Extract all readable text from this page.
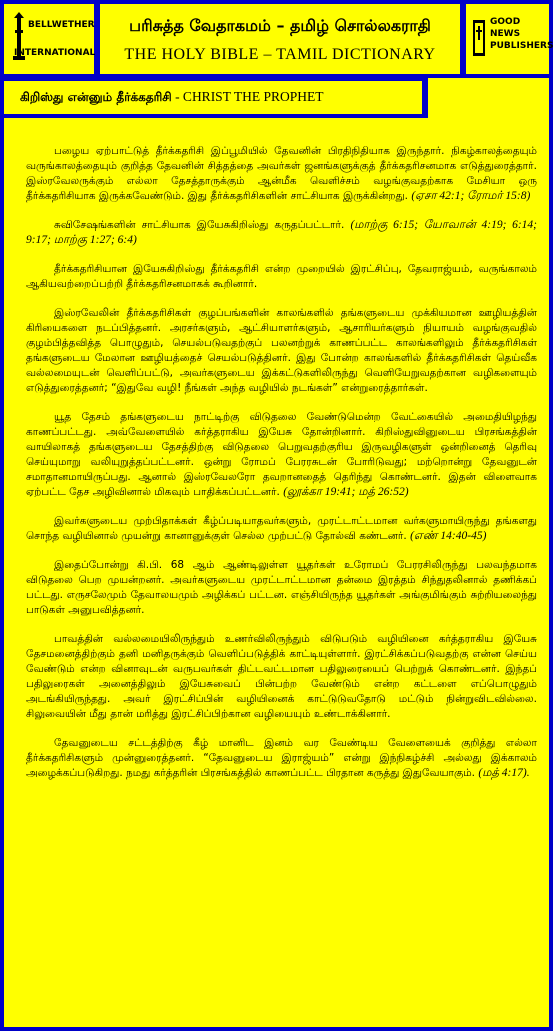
BELLWETHER
INTERNATIONAL
பரிசுத்த வேதாகமம் – தமிழ் சொல்லகராதி
THE HOLY BIBLE – TAMIL DICTIONARY
GOOD NEWS
PUBLISHERS
கிறிஸ்து என்னும் தீர்க்கதரிசி - CHRIST THE PROPHET

பழைய ஏற்பாட்டுத் தீர்க்கதரிசி இப்பூமியில் தேவனின் பிரதிநிதியாக இருந்தார். நிகழ்காலத்தையும் வருங்காலத்தையும் குறித்த தேவனின் சித்தத்தை அவர்கள் ஜனங்களுக்குத் தீர்க்கதரிசனமாக எடுத்துரைத்தார். இஸ்ரவேலருக்கும் எல்லா தேசத்தாருக்கும் ஆன்மீக வெளிச்சம் வழங்குவதற்காக மேசியா ஒரு தீர்க்கதரிசியாக இருக்கவேண்டும். இது தீர்க்கதரிசிகளின் சாட்சியாக இருக்கின்றது. (ஏசா 42:1; ரோமர் 15:8)

சுவிசேஷங்களின் சாட்சியாக இயேசுகிறிஸ்து கருதப்பட்டார். (மாற்கு 6:15; யோவான் 4:19; 6:14; 9:17; மாற்கு 1:27; 6:4)

தீர்க்கதரிசியான இயேசுகிறிஸ்து தீர்க்கதரிசி என்ற முறையில் இரட்சிப்பு, தேவராஜ்யம், வருங்காலம் ஆகியவற்றைப்பற்றி தீர்க்கதரிசனமாகக் கூறினார்.

இஸ்ரவேலின் தீர்க்கதரிசிகள் குழப்பங்களின் காலங்களில் தங்களுடைய முக்கியமான ஊழியத்தின் கிரியைகளை நடப்பித்தனர். அரசர்களும், ஆட்சியாளர்களும், ஆசாரியர்களும் நியாயம் வழங்குவதில் குழம்பித்தவித்த பொழுதும், செயல்படுவதற்குப் பலனற்றுக் காணப்பட்ட காலங்களிலும் தீர்க்கதரிசிகள் தங்களுடைய மேலான ஊழியத்தைச் செயல்படுத்தினர். இது போன்ற காலங்களில் தீர்க்கதரிசிகள் தெய்வீக வல்லமையுடன் வெளிப்பட்டு, அவர்களுடைய இக்கட்டுகளிலிருந்து வெளியேறுவதற்கான வழிகளையும் எடுத்துரைத்தனர்; “இதுவே வழி! நீங்கள் அந்த வழியில் நடங்கள்” என்றுரைத்தார்கள்.

யூத தேசம் தங்களுடைய நாட்டிற்கு விடுதலை வேண்டுமென்ற வேட்கையில் அமைதியிழந்து காணப்பட்டது. அவ்வேளையில் கர்த்தராகிய இயேசு தோன்றினார். கிறிஸ்துவினுடைய பிரசங்கத்தின் வாயிலாகத் தங்களுடைய தேசத்திற்கு விடுதலை பெறுவதற்குரிய இருவழிகளுள் ஒன்றினைத் தெரிவு செய்யுமாறு வலியுறுத்தப்பட்டனர். ஒன்று ரோமப் பேரரசுடன் போரிடுவது; மற்றொன்று தேவனுடன் சமாதானமாயிருப்பது. ஆனால் இஸ்ரவேலரோ தவறானதைத் தெரிந்து கொண்டனர். இதன் விளைவாக ஏற்பட்ட தேச அழிவினால் மிகவும் பாதிக்கப்பட்டனர். (லூக்கா 19:41; மத் 26:52)

இவர்களுடைய முற்பிதாக்கள் கீழ்ப்படியாதவர்களும், முரட்டாட்டமான வர்களுமாயிருந்து தங்களது சொந்த வழியினால் முயன்று கானானுக்குள் செல்ல முற்பட்டு தோல்வி கண்டனர். (எண் 14:40-45)

இதைப்போன்று கி.பி. 68 ஆம் ஆண்டிலுள்ள யூதர்கள் உரோமப் பேரரசிலிருந்து பலவந்தமாக விடுதலை பெற முயன்றனர். அவர்களுடைய முரட்டாட்டமான தன்மை இரத்தம் சிந்துதலினால் தணிக்கப் பட்டது. எருசலேமும் தேவாலயமும் அழிக்கப் பட்டன. எஞ்சியிருந்த யூதர்கள் அங்குமிங்கும் சுற்றியலைந்து பாடுகள் அனுபவித்தனர்.

பாவத்தின் வல்லமையிலிருந்தும் உணர்விலிருந்தும் விடுபடும் வழியினை கர்த்தராகிய இயேசு தேசமனைத்திற்கும் தனி மனிதருக்கும் வெளிப்படுத்திக் காட்டியுள்ளார். இரட்சிக்கப்படுவதற்கு என்ன செய்ய வேண்டும் என்ற வினாவுடன் வருபவர்கள் திட்டவட்டமான பதிலுரையைப் பெற்றுக் கொண்டனர். இந்தப் பதிலுரைகள் அனைத்திலும் இயேசுவைப் பின்பற்ற வேண்டும் என்ற கட்டளை எப்பொழுதும் அடங்கியிருந்தது. அவர் இரட்சிப்பின் வழியினைக் காட்டுடுவதோடு மட்டும் நின்றுவிடவில்லை. சிலுவையின் மீது தான் மரித்து இரட்சிப்பிற்கான வழியையும் உண்டாக்கினார்.

தேவனுடைய சட்டத்திற்கு கீழ் மானிட இனம் வர வேண்டிய வேளையைக் குறித்து எல்லா தீர்க்கதரிசிகளும் முன்னுரைத்தனர். “தேவனுடைய இராஜ்யம்” என்று இந்நிகழ்ச்சி அல்லது இக்காலம் அழைக்கப்படுகிறது. நமது கர்த்தரின் பிரசங்கத்தில் காணப்பட்ட பிரதான கருத்து இதுவேயாகும். (மத் 4:17).
